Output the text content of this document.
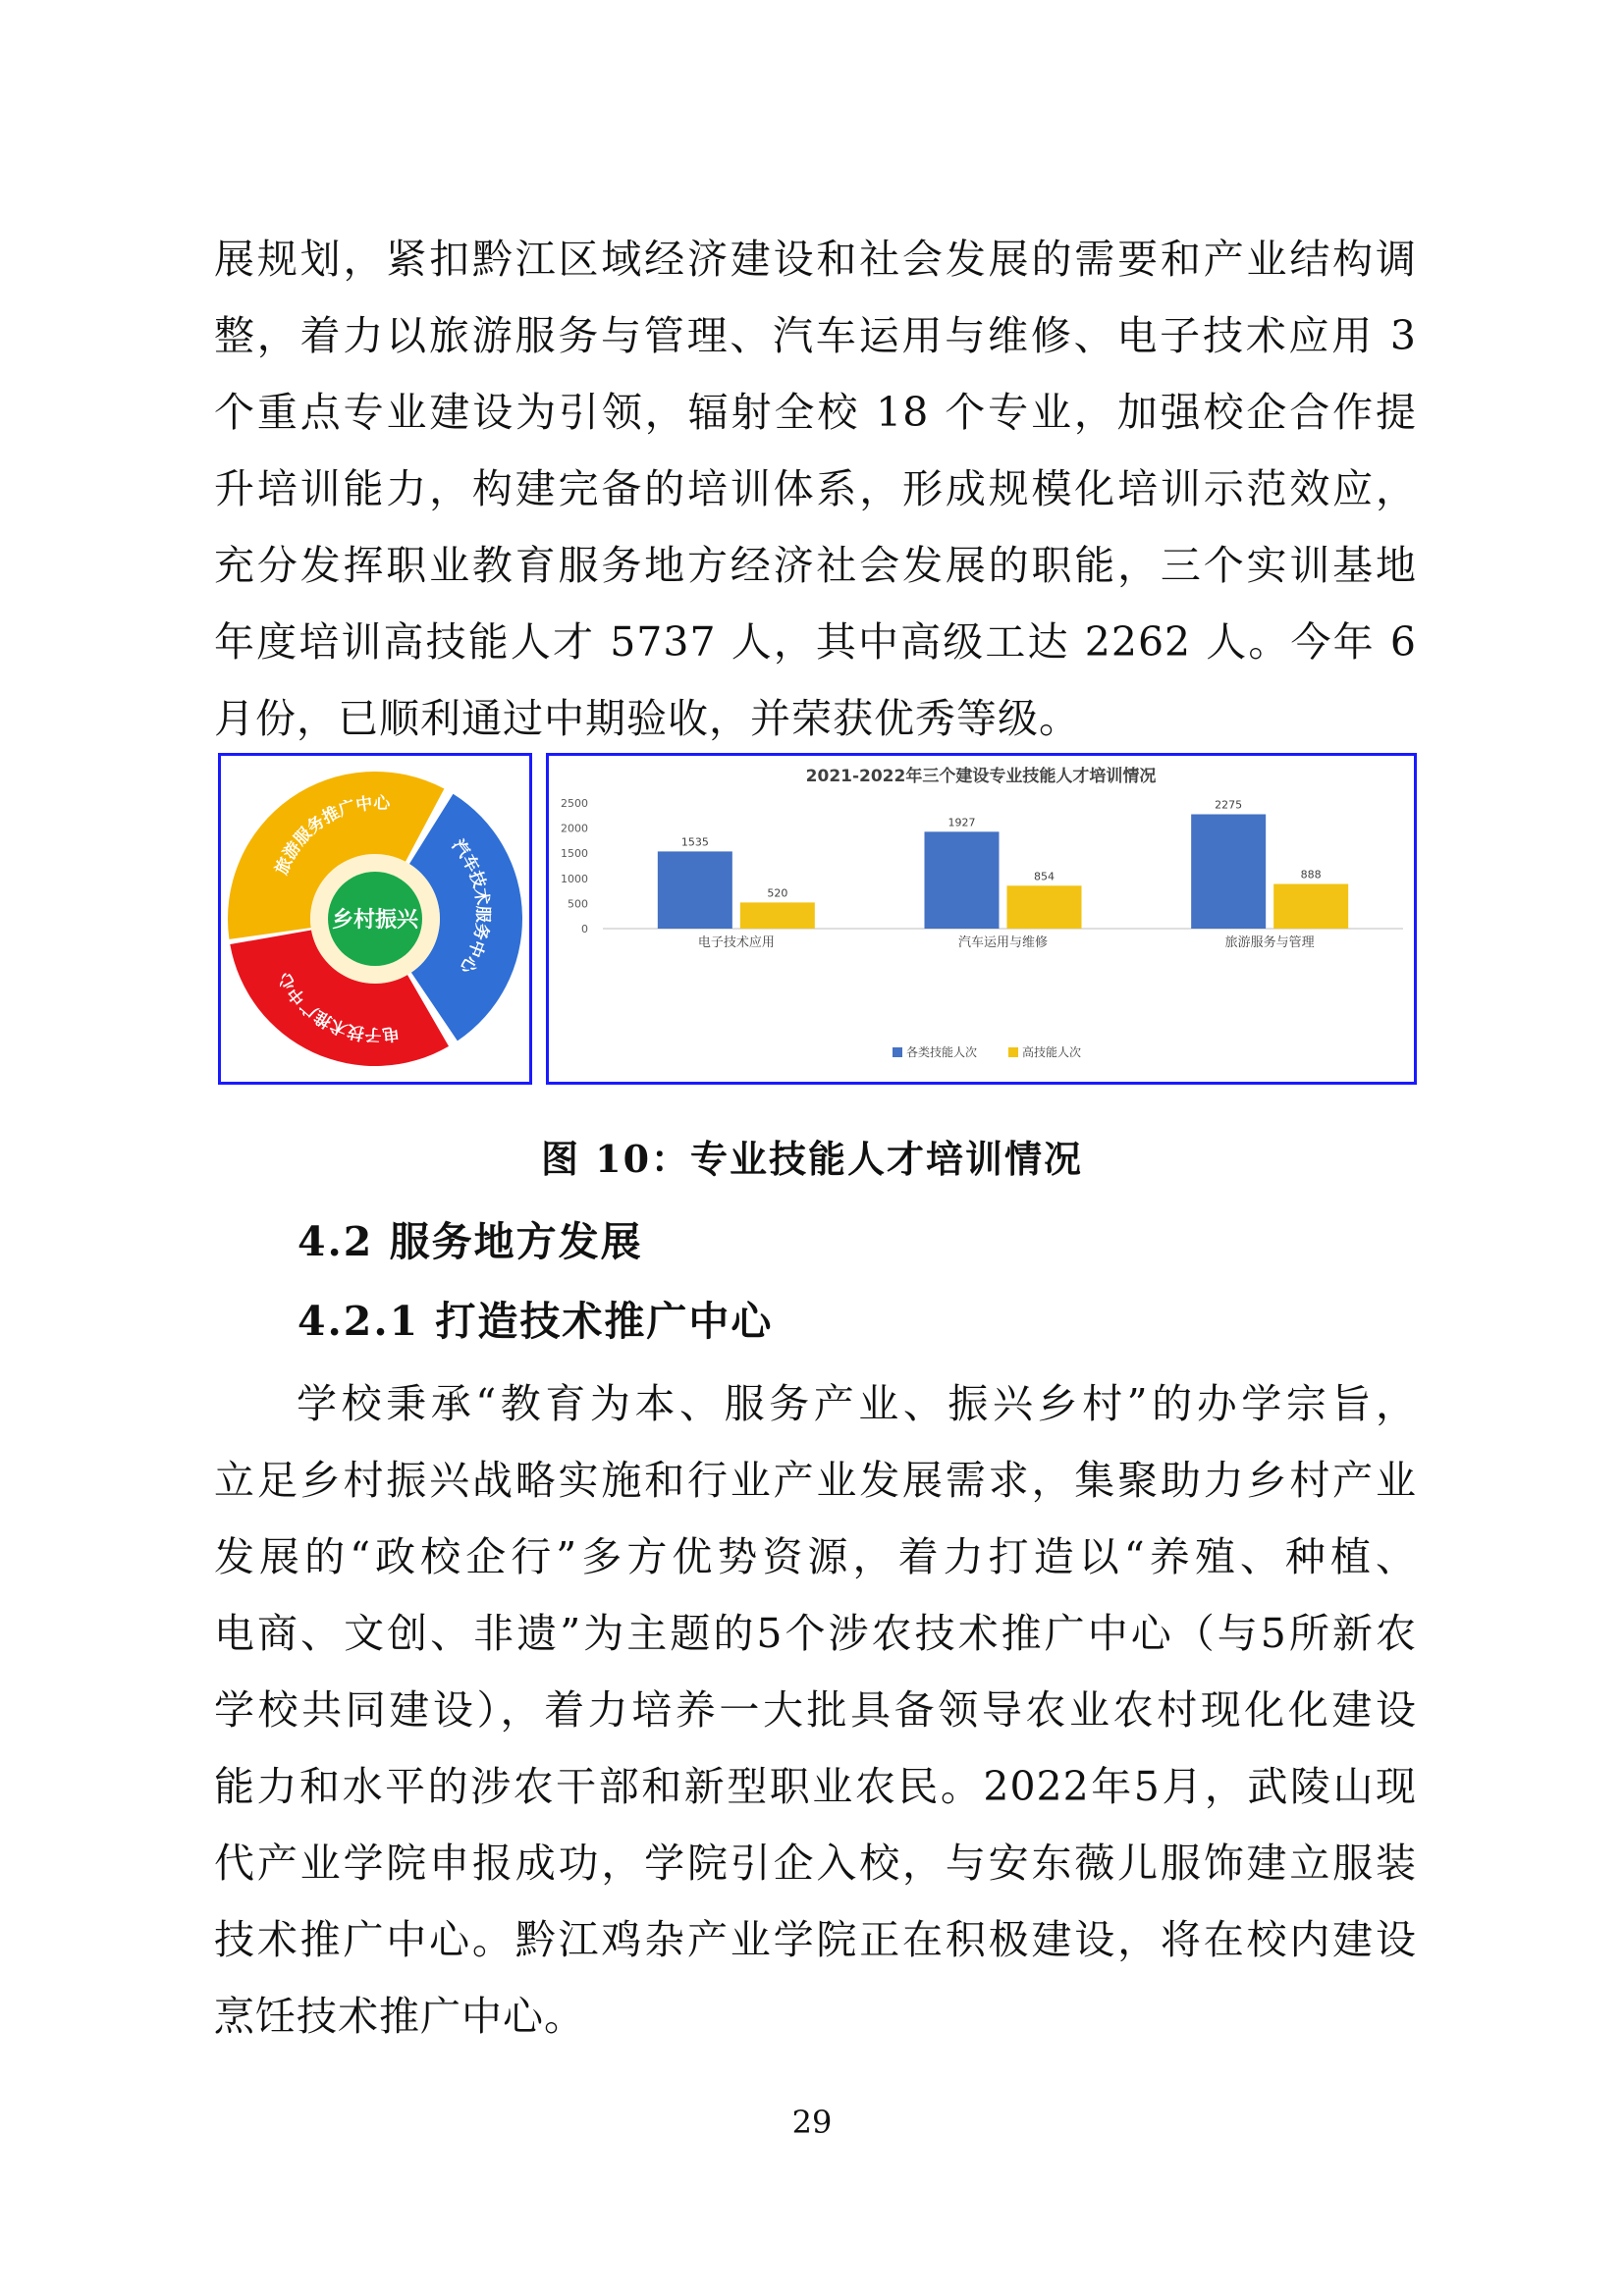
展规划，紧扣黔江区域经济建设和社会发展的需要和产业结构调
整，着力以旅游服务与管理、汽车运用与维修、电子技术应用 3
个重点专业建设为引领，辐射全校 18 个专业，加强校企合作提
升培训能力，构建完备的培训体系，形成规模化培训示范效应，
充分发挥职业教育服务地方经济社会发展的职能，三个实训基地
年度培训高技能人才 5737 人，其中高级工达 2262 人。今年 6
月份，已顺利通过中期验收，并荣获优秀等级。
乡村振兴
旅游服务推广中心
汽车技术服务中心
电子技术推广中心
2021-2022年三个建设专业技能人才培训情况
0
500
1000
1500
2000
2500
1535
520
电子技术应用
1927
854
汽车运用与维修
2275
888
旅游服务与管理
各类技能人次	高技能人次
图 10：专业技能人才培训情况
4.2 服务地方发展
4.2.1 打造技术推广中心
学校秉承“教育为本、服务产业、振兴乡村”的办学宗旨，
立足乡村振兴战略实施和行业产业发展需求，集聚助力乡村产业
发展的“政校企行”多方优势资源，着力打造以“养殖、种植、
电商、文创、非遗”为主题的5个涉农技术推广中心（与5所新农
学校共同建设），着力培养一大批具备领导农业农村现化化建设
能力和水平的涉农干部和新型职业农民。2022年5月，武陵山现
代产业学院申报成功，学院引企入校，与安东薇儿服饰建立服装
技术推广中心。黔江鸡杂产业学院正在积极建设，将在校内建设
烹饪技术推广中心。
29
